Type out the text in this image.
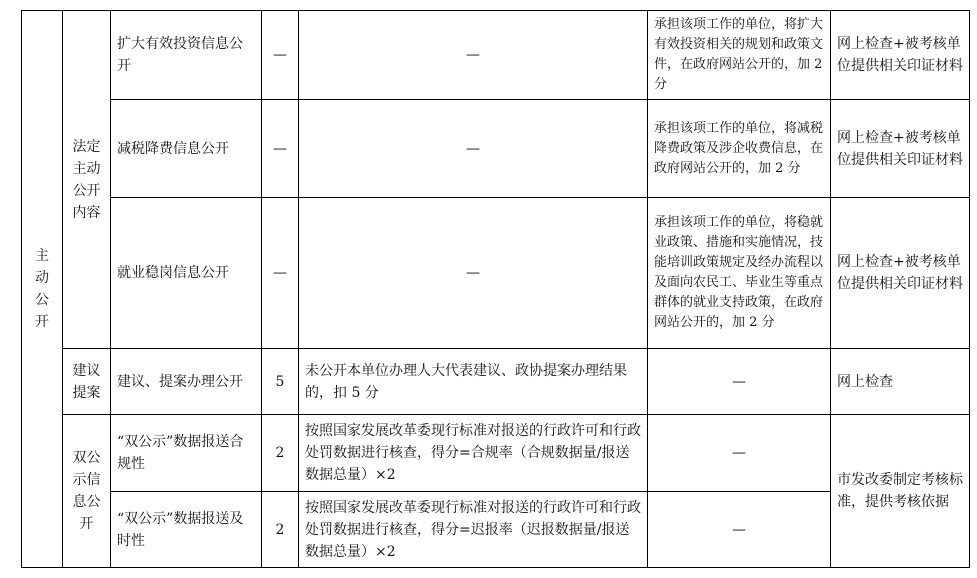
主动公开	法定主动公开内容	扩大有效投资信息公开	—	—	承担该项工作的单位，将扩大有效投资相关的规划和政策文件，在政府网站公开的，加 2 分	网上检查+被考核单位提供相关印证材料
		减税降费信息公开	—	—	承担该项工作的单位，将减税降费政策及涉企收费信息，在政府网站公开的，加 2 分	网上检查+被考核单位提供相关印证材料
		就业稳岗信息公开	—	—	承担该项工作的单位，将稳就业政策、措施和实施情况，技能培训政策规定及经办流程以及面向农民工、毕业生等重点群体的就业支持政策，在政府网站公开的，加 2 分	网上检查+被考核单位提供相关印证材料
	建议提案	建议、提案办理公开	5	未公开本单位办理人大代表建议、政协提案办理结果的，扣 5 分	—	网上检查
	双公示信息公开	“双公示”数据报送合规性	2	按照国家发展改革委现行标准对报送的行政许可和行政处罚数据进行核查，得分=合规率（合规数据量/报送数据总量）×2	—	市发改委制定考核标准，提供考核依据
		“双公示”数据报送及时性	2	按照国家发展改革委现行标准对报送的行政许可和行政处罚数据进行核查，得分=迟报率（迟报数据量/报送数据总量）×2	—	
